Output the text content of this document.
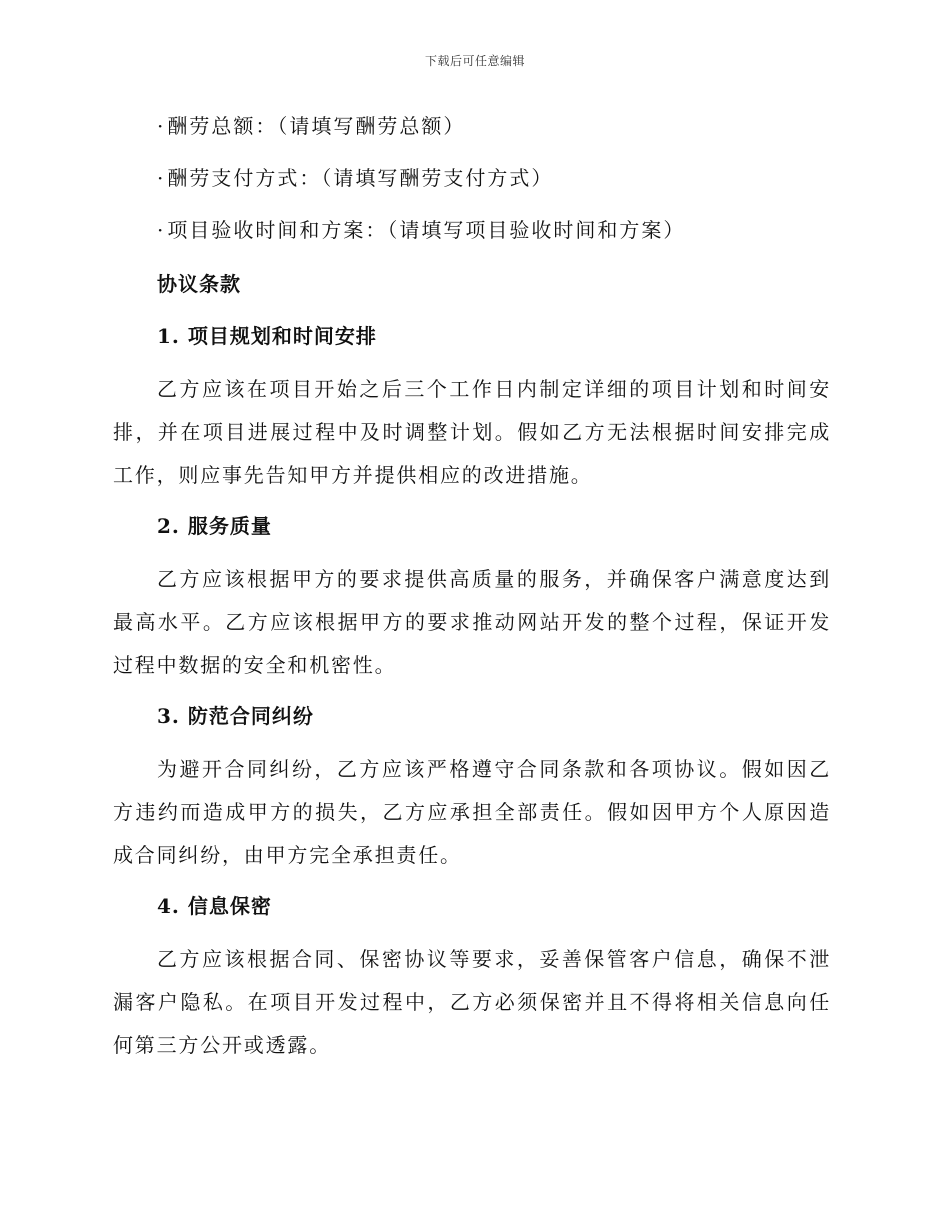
下载后可任意编辑
· 酬劳总额：（请填写酬劳总额）
· 酬劳支付方式：（请填写酬劳支付方式）
· 项目验收时间和方案：（请填写项目验收时间和方案）
协议条款
1. 项目规划和时间安排

乙方应该在项目开始之后三个工作日内制定详细的项目计划和时间安排，并在项目进展过程中及时调整计划。假如乙方无法根据时间安排完成工作，则应事先告知甲方并提供相应的改进措施。

2. 服务质量

乙方应该根据甲方的要求提供高质量的服务，并确保客户满意度达到最高水平。乙方应该根据甲方的要求推动网站开发的整个过程，保证开发过程中数据的安全和机密性。

3. 防范合同纠纷

为避开合同纠纷，乙方应该严格遵守合同条款和各项协议。假如因乙方违约而造成甲方的损失，乙方应承担全部责任。假如因甲方个人原因造成合同纠纷，由甲方完全承担责任。

4. 信息保密

乙方应该根据合同、保密协议等要求，妥善保管客户信息，确保不泄漏客户隐私。在项目开发过程中，乙方必须保密并且不得将相关信息向任何第三方公开或透露。
